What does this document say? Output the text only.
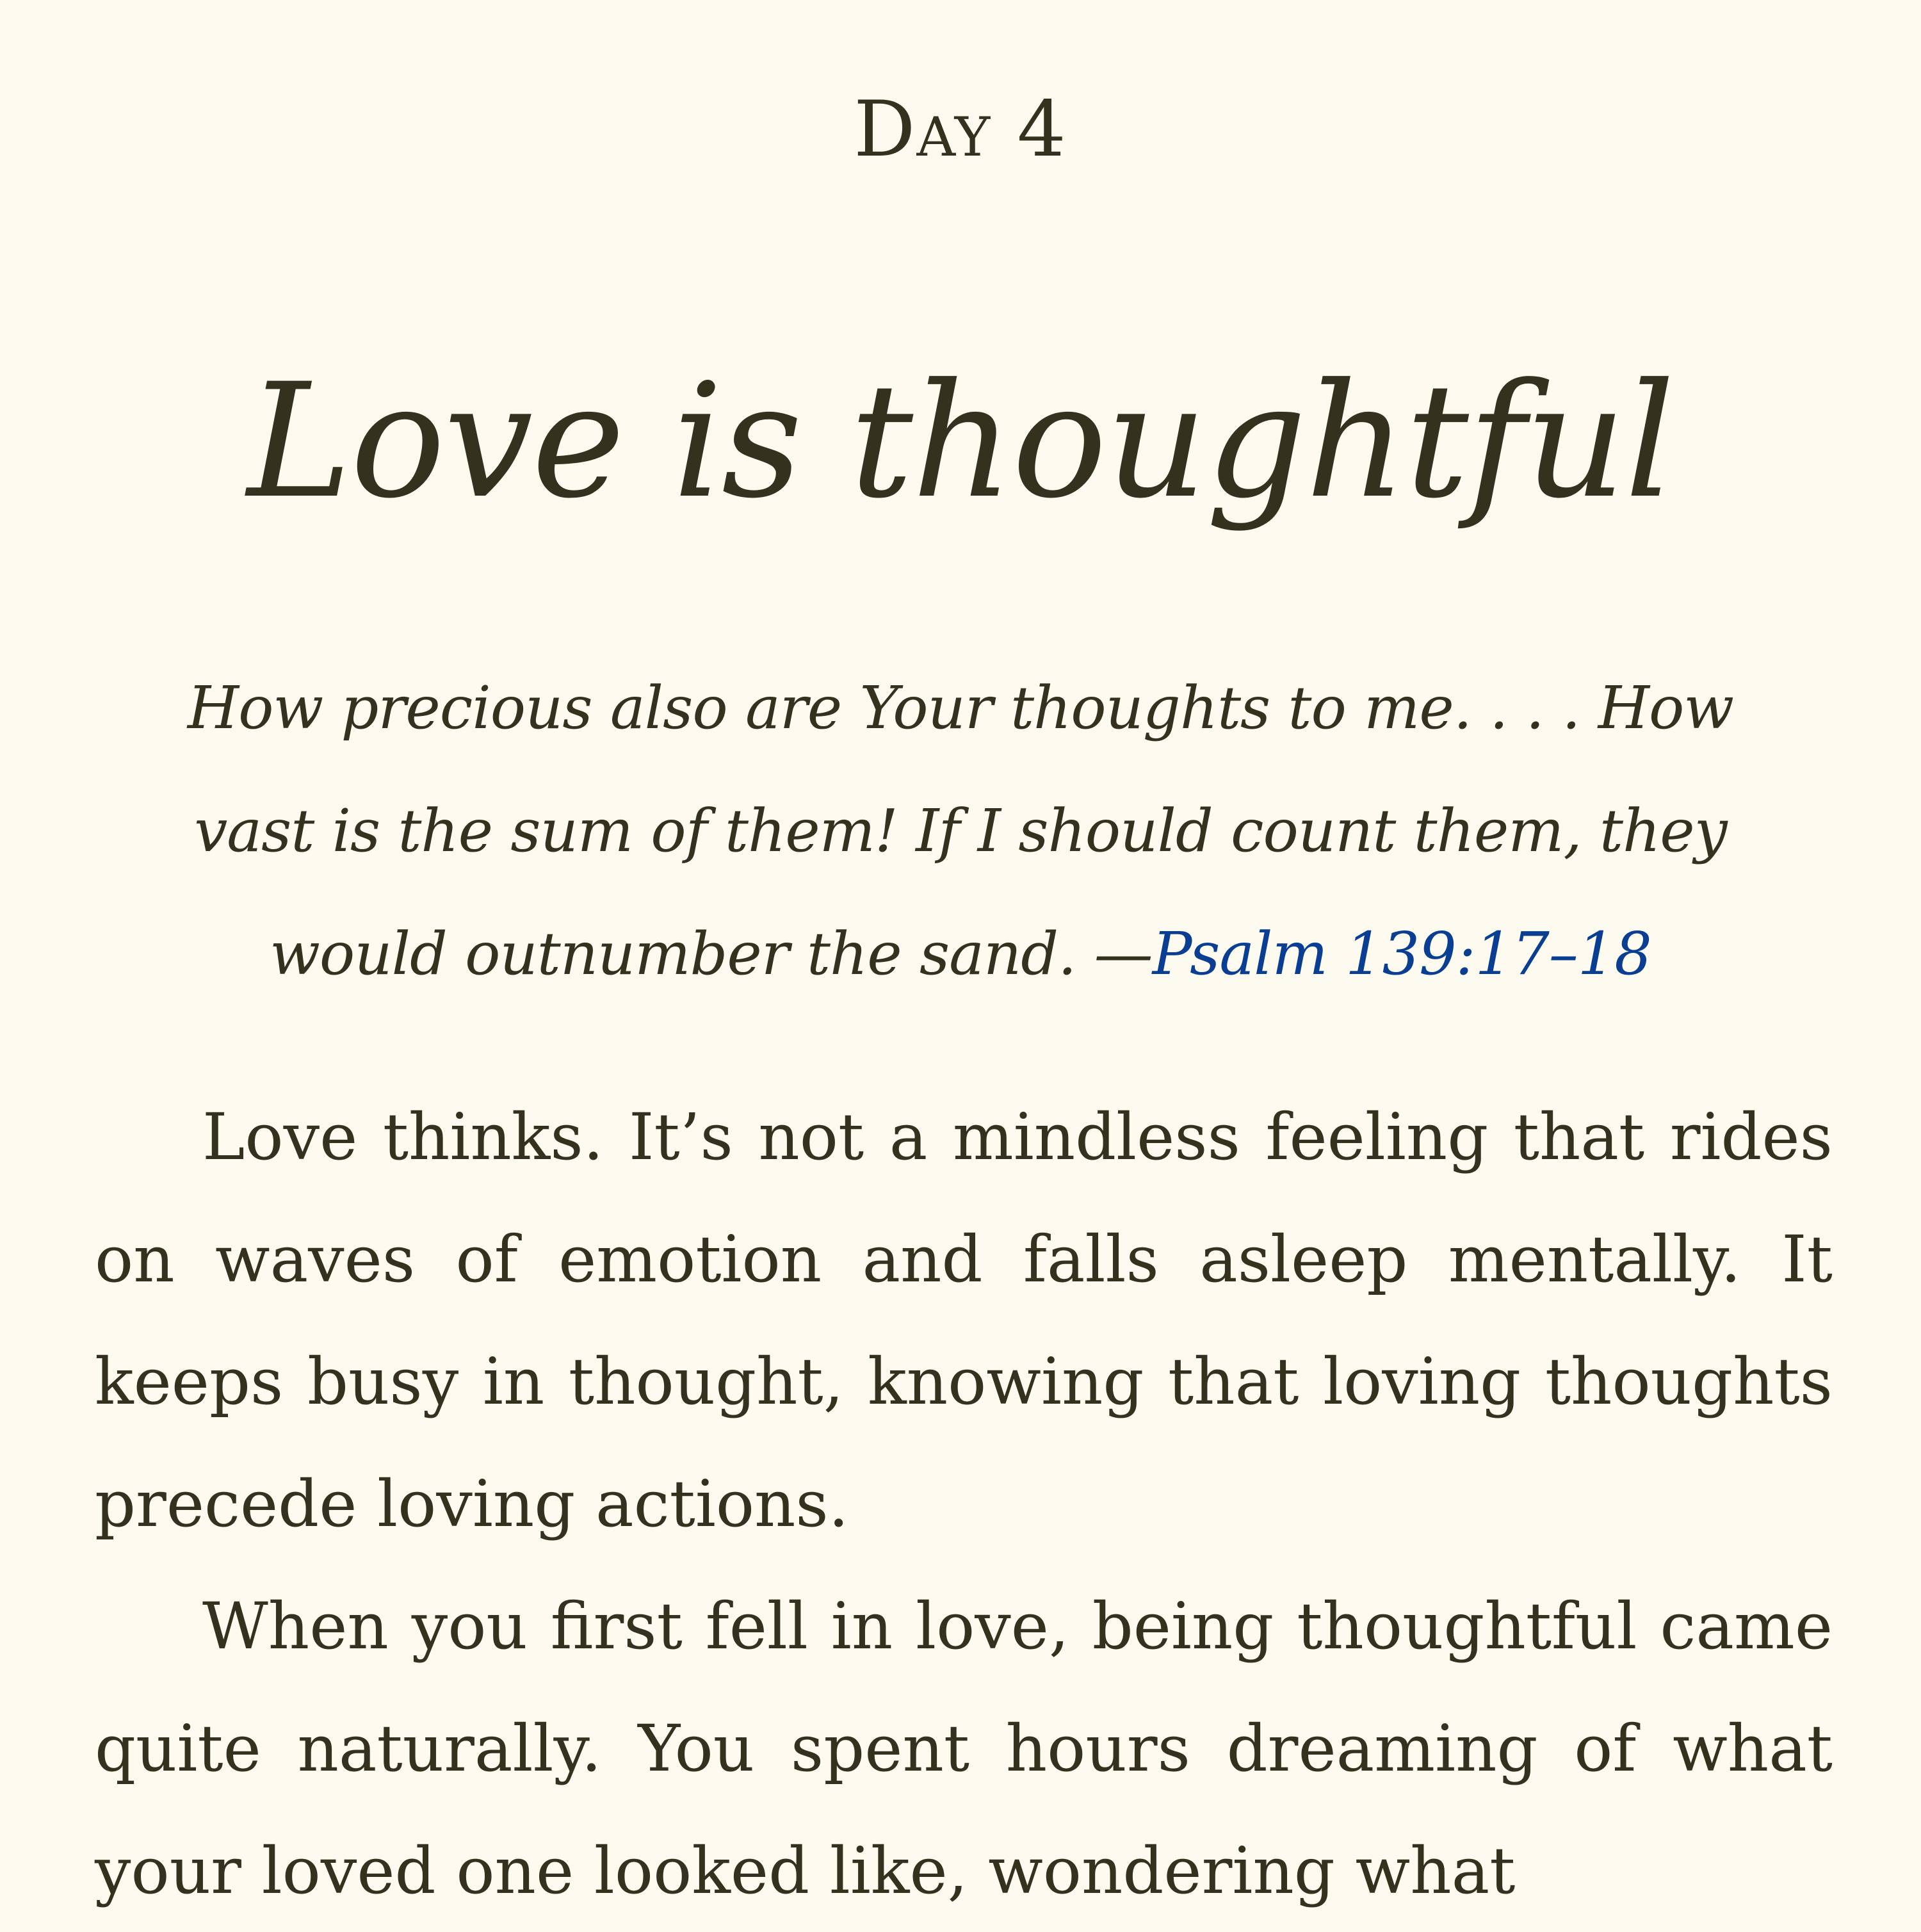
Day 4
Love is thoughtful

How precious also are Your thoughts to me. . . . How vast is the sum of them! If I should count them, they would outnumber the sand. —Psalm 139:17–18

Love thinks. It’s not a mindless feeling that rides on waves of emotion and falls asleep mentally. It keeps busy in thought, knowing that loving thoughts precede loving actions.

When you first fell in love, being thoughtful came quite naturally. You spent hours dreaming of what your loved one looked like, wondering what
